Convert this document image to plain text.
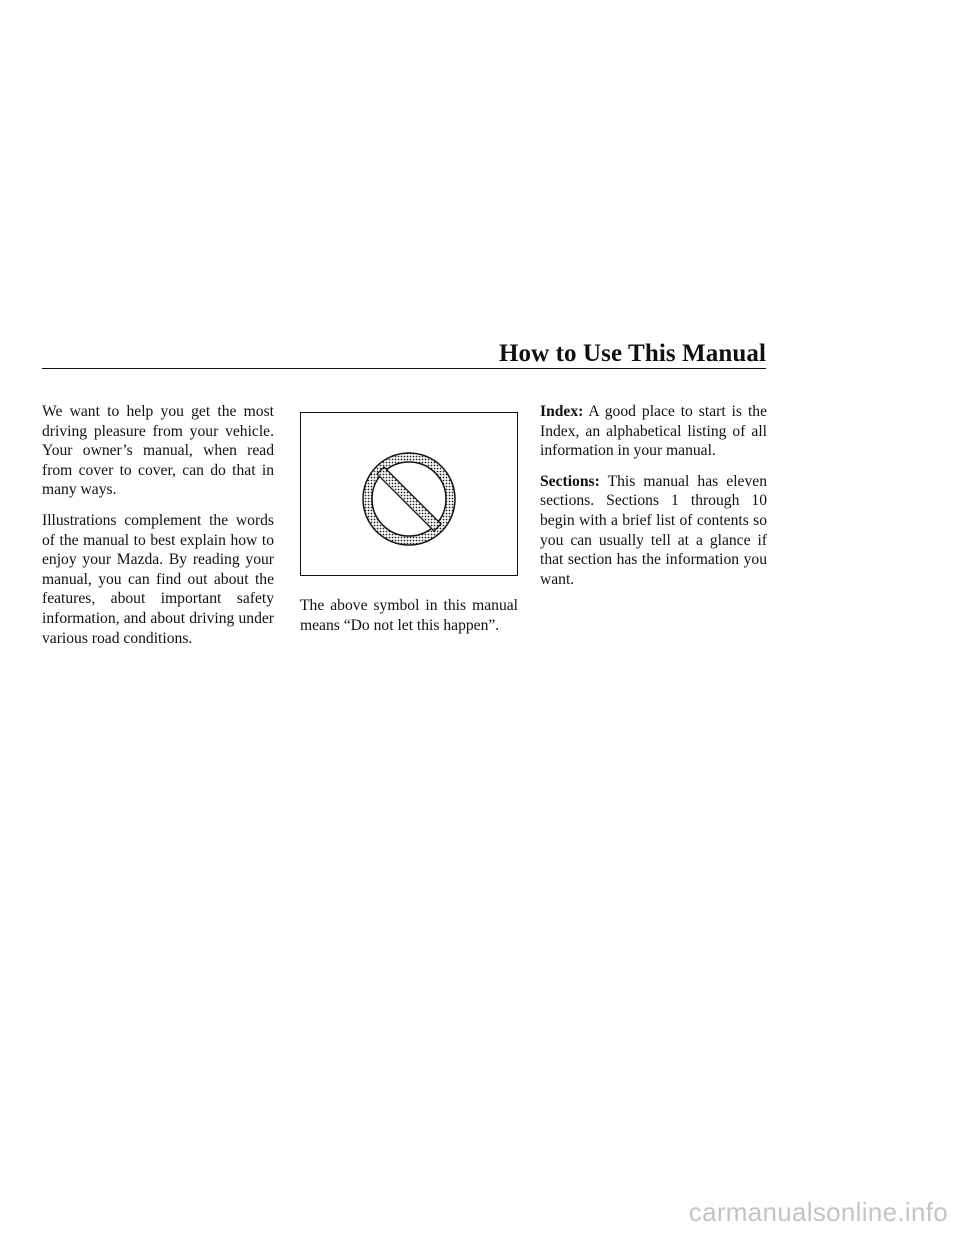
How to Use This Manual

We want to help you get the most driving pleasure from your vehicle. Your owner’s manual, when read from cover to cover, can do that in many ways.

Illustrations complement the words of the manual to best explain how to enjoy your Mazda. By reading your manual, you can find out about the features, about important safety information, and about driving under various road conditions.

The above symbol in this manual means “Do not let this happen”.

Index: A good place to start is the Index, an alphabetical listing of all information in your manual.

Sections: This manual has eleven sections. Sections 1 through 10 begin with a brief list of contents so you can usually tell at a glance if that section has the information you want.

carmanualsonline.info
